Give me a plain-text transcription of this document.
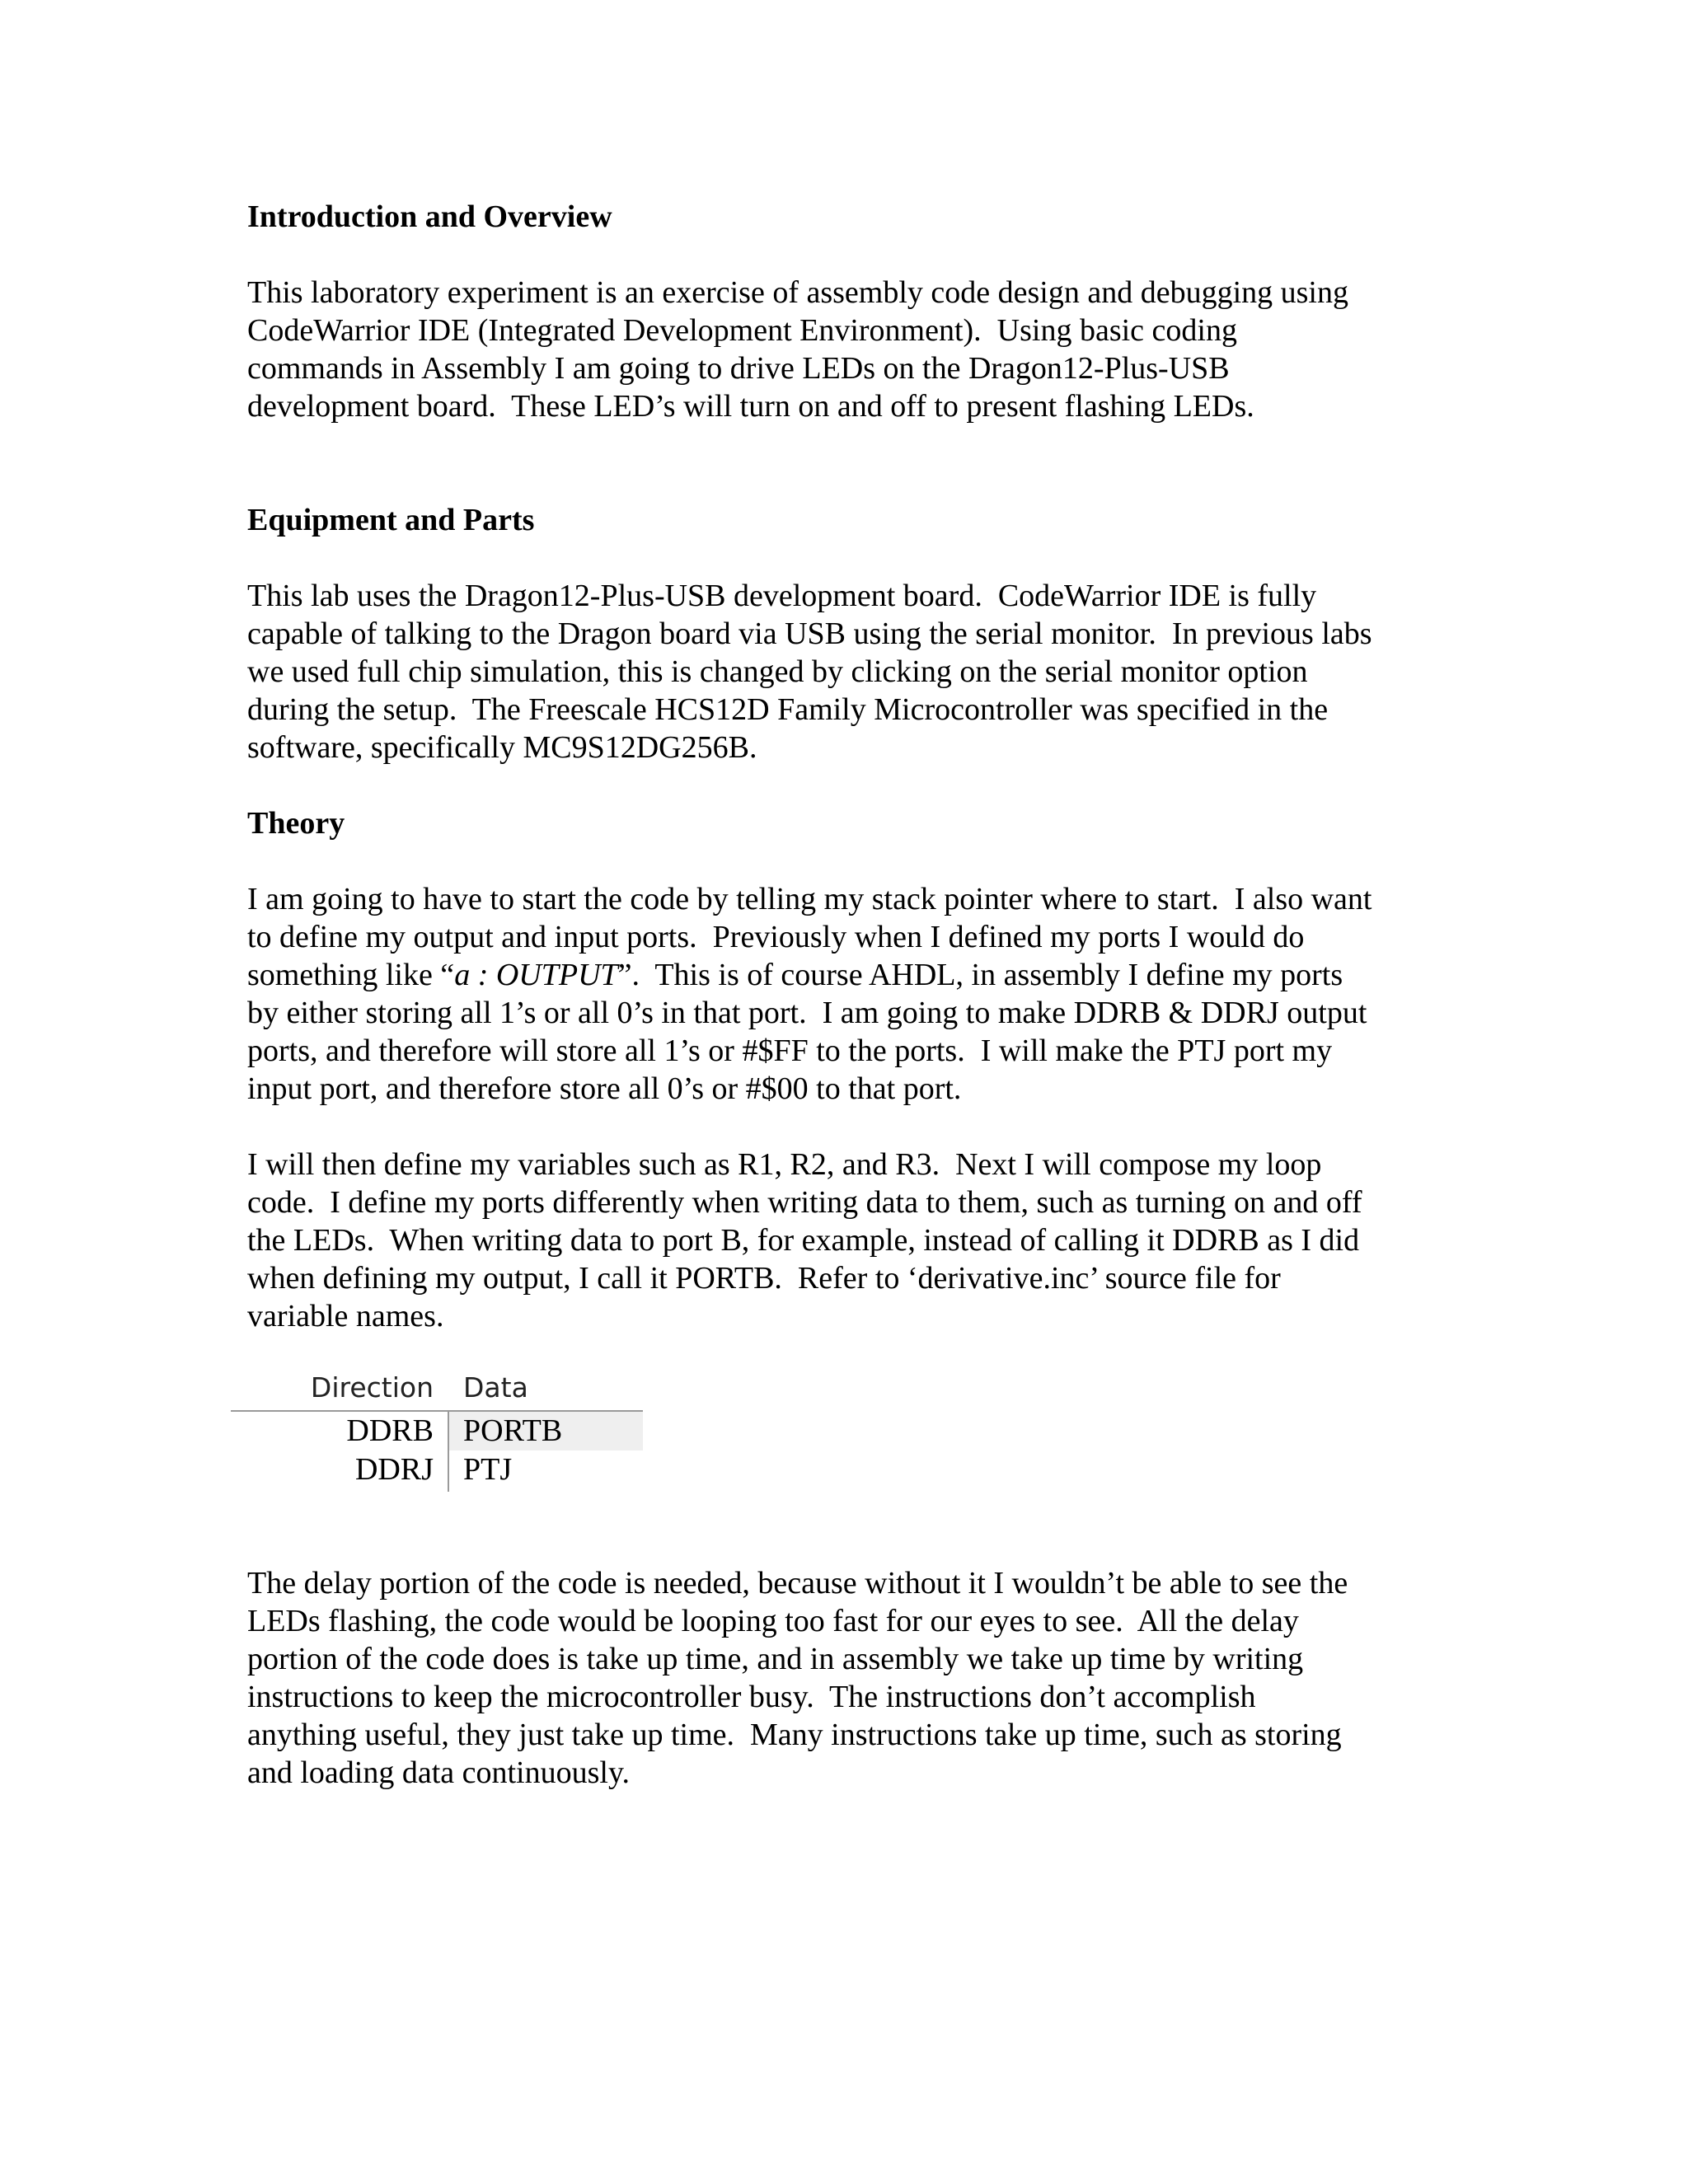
Introduction and Overview

This laboratory experiment is an exercise of assembly code design and debugging using
CodeWarrior IDE (Integrated Development Environment).  Using basic coding
commands in Assembly I am going to drive LEDs on the Dragon12-Plus-USB
development board.  These LED’s will turn on and off to present flashing LEDs.

Equipment and Parts

This lab uses the Dragon12-Plus-USB development board.  CodeWarrior IDE is fully
capable of talking to the Dragon board via USB using the serial monitor.  In previous labs
we used full chip simulation, this is changed by clicking on the serial monitor option
during the setup.  The Freescale HCS12D Family Microcontroller was specified in the
software, specifically MC9S12DG256B.

Theory

I am going to have to start the code by telling my stack pointer where to start.  I also want
to define my output and input ports.  Previously when I defined my ports I would do
something like “a : OUTPUT”.  This is of course AHDL, in assembly I define my ports
by either storing all 1’s or all 0’s in that port.  I am going to make DDRB & DDRJ output
ports, and therefore will store all 1’s or #$FF to the ports.  I will make the PTJ port my
input port, and therefore store all 0’s or #$00 to that port.

I will then define my variables such as R1, R2, and R3.  Next I will compose my loop
code.  I define my ports differently when writing data to them, such as turning on and off
the LEDs.  When writing data to port B, for example, instead of calling it DDRB as I did
when defining my output, I call it PORTB.  Refer to ‘derivative.inc’ source file for
variable names.

Direction Data
DDRB PORTB
DDRJ PTJ

The delay portion of the code is needed, because without it I wouldn’t be able to see the
LEDs flashing, the code would be looping too fast for our eyes to see.  All the delay
portion of the code does is take up time, and in assembly we take up time by writing
instructions to keep the microcontroller busy.  The instructions don’t accomplish
anything useful, they just take up time.  Many instructions take up time, such as storing
and loading data continuously.
